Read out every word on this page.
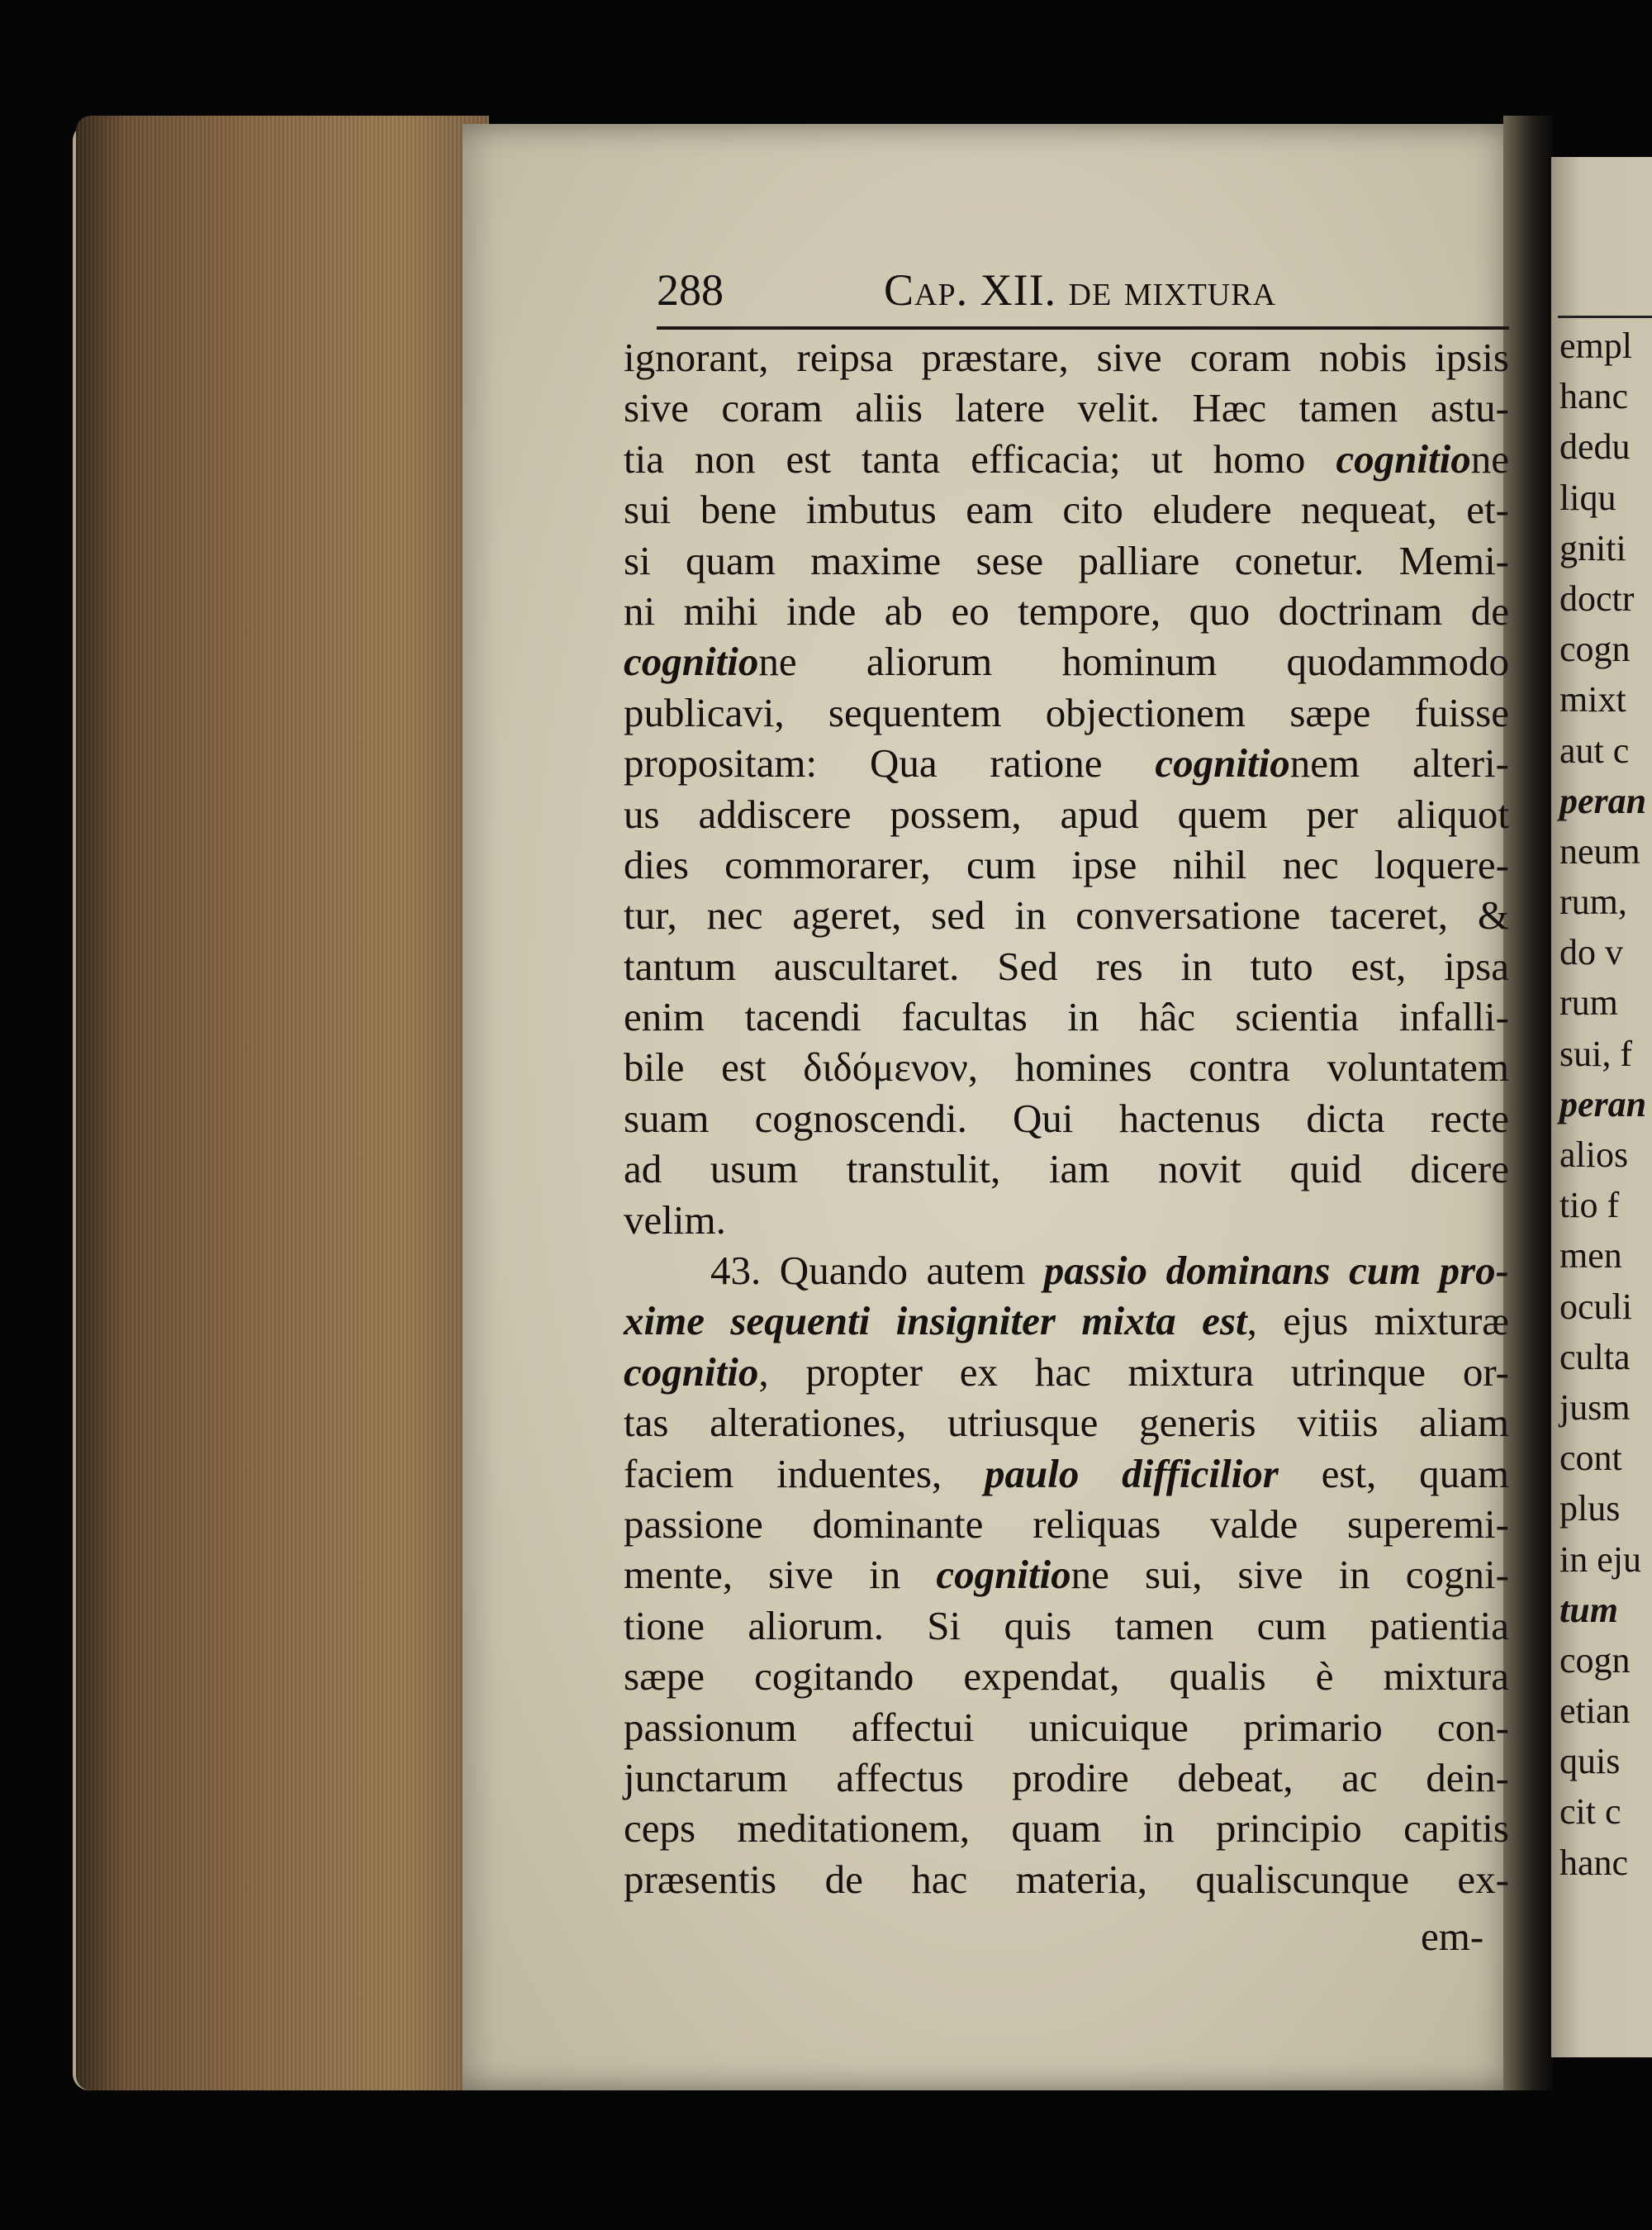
empl
hanc
dedu
liqu
gniti
doctr
cogn
mixt
aut c
peran
neum
rum,
do v
rum
sui, f
peran
alios
tio f
men
oculi
culta
jusm
cont
plus
in eju
tum
cogn
etian
quis
cit c
hanc
288	Cap. XII. de mixtura
ignorant, reipsa præstare, sive coram nobis ipsis
sive coram aliis latere velit. Hæc tamen astu-
tia non est tanta efficacia; ut homo cognitione
sui bene imbutus eam cito eludere nequeat, et-
si quam maxime sese palliare conetur. Memi-
ni mihi inde ab eo tempore, quo doctrinam de
cognitione aliorum hominum quodammodo
publicavi, sequentem objectionem sæpe fuisse
propositam: Qua ratione cognitionem alteri-
us addiscere possem, apud quem per aliquot
dies commorarer, cum ipse nihil nec loquere-
tur, nec ageret, sed in conversatione taceret, &
tantum auscultaret. Sed res in tuto est, ipsa
enim tacendi facultas in hâc scientia infalli-
bile est διδόμενον, homines contra voluntatem
suam cognoscendi. Qui hactenus dicta recte
ad usum transtulit, iam novit quid dicere
velim.
43. Quando autem passio dominans cum pro-
xime sequenti insigniter mixta est, ejus mixturæ
cognitio, propter ex hac mixtura utrinque or-
tas alterationes, utriusque generis vitiis aliam
faciem induentes, paulo difficilior est, quam
passione dominante reliquas valde superemi-
mente, sive in cognitione sui, sive in cogni-
tione aliorum. Si quis tamen cum patientia
sæpe cogitando expendat, qualis è mixtura
passionum affectui unicuique primario con-
junctarum affectus prodire debeat, ac dein-
ceps meditationem, quam in principio capitis
præsentis de hac materia, qualiscunque ex-
em-
